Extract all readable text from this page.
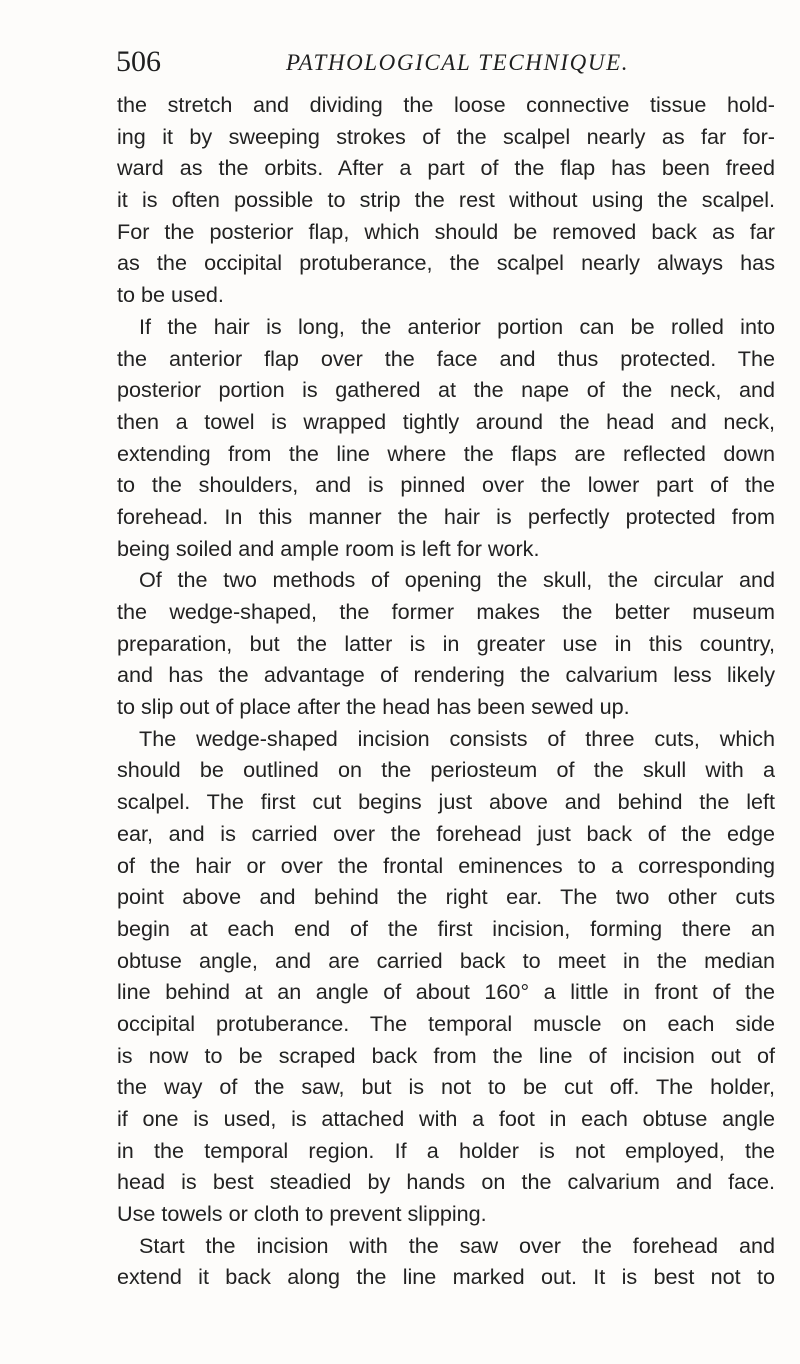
506	PATHOLOGICAL TECHNIQUE.
the stretch and dividing the loose connective tissue hold-
ing it by sweeping strokes of the scalpel nearly as far for-
ward as the orbits. After a part of the flap has been freed
it is often possible to strip the rest without using the scalpel.
For the posterior flap, which should be removed back as far
as the occipital protuberance, the scalpel nearly always has
to be used.
If the hair is long, the anterior portion can be rolled into
the anterior flap over the face and thus protected. The
posterior portion is gathered at the nape of the neck, and
then a towel is wrapped tightly around the head and neck,
extending from the line where the flaps are reflected down
to the shoulders, and is pinned over the lower part of the
forehead. In this manner the hair is perfectly protected from
being soiled and ample room is left for work.
Of the two methods of opening the skull, the circular and
the wedge-shaped, the former makes the better museum
preparation, but the latter is in greater use in this country,
and has the advantage of rendering the calvarium less likely
to slip out of place after the head has been sewed up.
The wedge-shaped incision consists of three cuts, which
should be outlined on the periosteum of the skull with a
scalpel. The first cut begins just above and behind the left
ear, and is carried over the forehead just back of the edge
of the hair or over the frontal eminences to a corresponding
point above and behind the right ear. The two other cuts
begin at each end of the first incision, forming there an
obtuse angle, and are carried back to meet in the median
line behind at an angle of about 160° a little in front of the
occipital protuberance. The temporal muscle on each side
is now to be scraped back from the line of incision out of
the way of the saw, but is not to be cut off. The holder,
if one is used, is attached with a foot in each obtuse angle
in the temporal region. If a holder is not employed, the
head is best steadied by hands on the calvarium and face.
Use towels or cloth to prevent slipping.
Start the incision with the saw over the forehead and
extend it back along the line marked out. It is best not to
